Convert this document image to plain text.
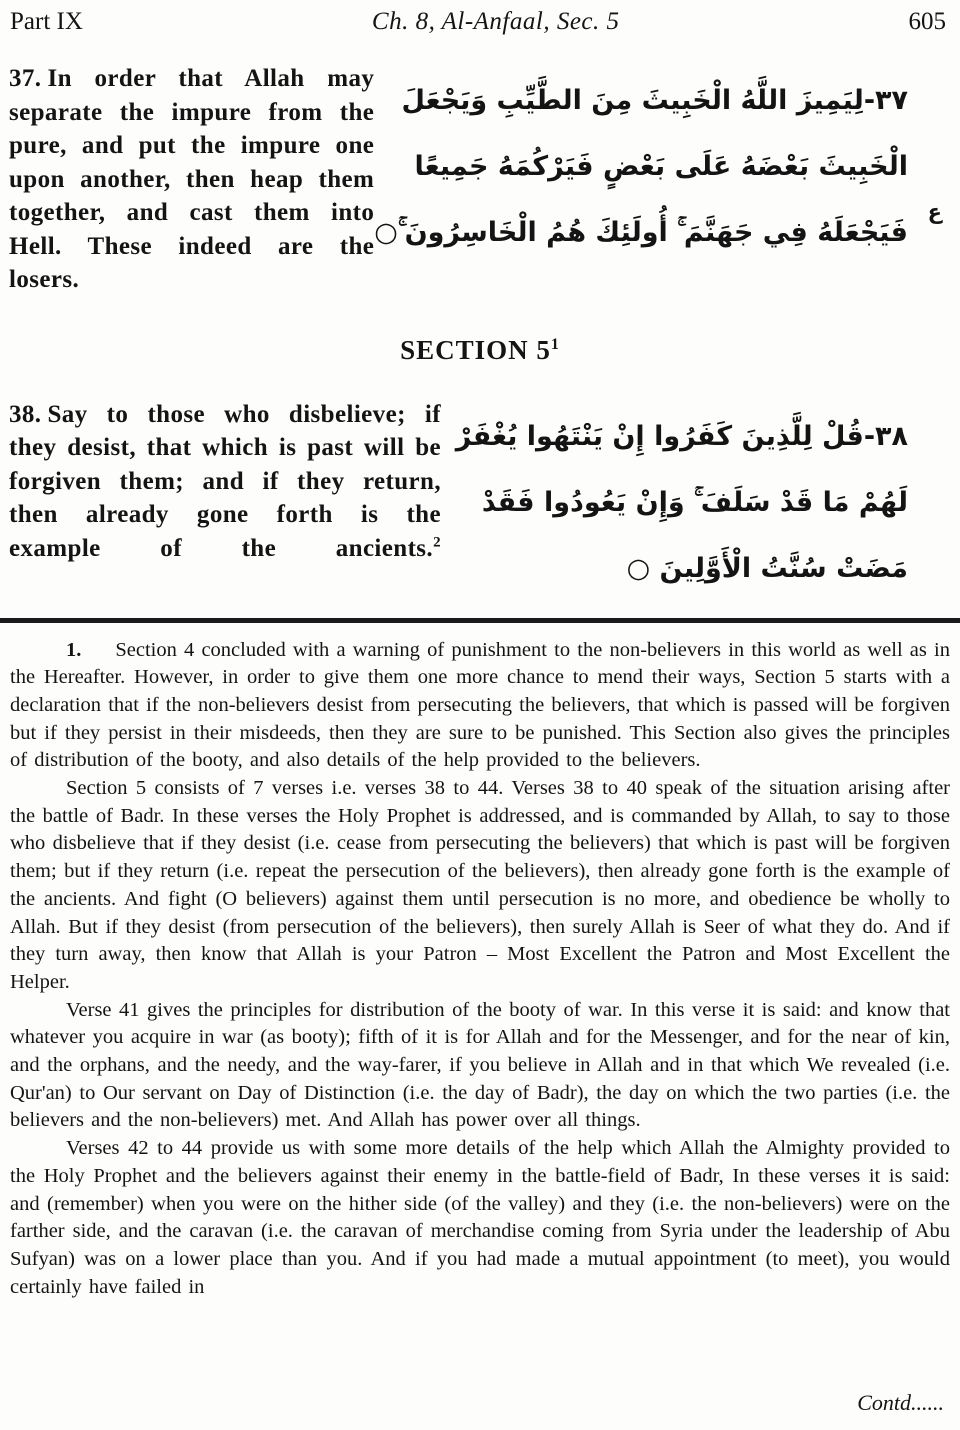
Part IX	Ch. 8, Al-Anfaal, Sec. 5	605

37. In order that Allah may separate the impure from the pure, and put the impure one upon another, then heap them together, and cast them into Hell. These indeed are the losers.

٣٧-لِيَمِيزَ اللَّهُ الْخَبِيثَ مِنَ الطَّيِّبِ وَيَجْعَلَ
الْخَبِيثَ بَعْضَهُ عَلَى بَعْضٍ فَيَرْكُمَهُ جَمِيعًا
فَيَجْعَلَهُ فِي جَهَنَّمَ ۚ أُولَئِكَ هُمُ الْخَاسِرُونَ ۚ○
ع
SECTION $5^1$

38. Say to those who disbelieve; if they desist, that which is past will be forgiven them; and if they return, then already gone forth is the example of the ancients.$^2$

٣٨-قُلْ لِلَّذِينَ كَفَرُوا إِنْ يَنْتَهُوا يُغْفَرْ
لَهُمْ مَا قَدْ سَلَفَ ۚ وَإِنْ يَعُودُوا فَقَدْ
مَضَتْ سُنَّتُ الْأَوَّلِينَ ○

1. Section 4 concluded with a warning of punishment to the non-believers in this world as well as in the Hereafter. However, in order to give them one more chance to mend their ways, Section 5 starts with a declaration that if the non-believers desist from persecuting the believers, that which is passed will be forgiven but if they persist in their misdeeds, then they are sure to be punished. This Section also gives the principles of distribution of the booty, and also details of the help provided to the believers.

Section 5 consists of 7 verses i.e. verses 38 to 44. Verses 38 to 40 speak of the situation arising after the battle of Badr. In these verses the Holy Prophet is addressed, and is commanded by Allah, to say to those who disbelieve that if they desist (i.e. cease from persecuting the believers) that which is past will be forgiven them; but if they return (i.e. repeat the persecution of the believers), then already gone forth is the example of the ancients. And fight (O believers) against them until persecution is no more, and obedience be wholly to Allah. But if they desist (from persecution of the believers), then surely Allah is Seer of what they do. And if they turn away, then know that Allah is your Patron – Most Excellent the Patron and Most Excellent the Helper.

Verse 41 gives the principles for distribution of the booty of war. In this verse it is said: and know that whatever you acquire in war (as booty); fifth of it is for Allah and for the Messenger, and for the near of kin, and the orphans, and the needy, and the way-farer, if you believe in Allah and in that which We revealed (i.e. Qur'an) to Our servant on Day of Distinction (i.e. the day of Badr), the day on which the two parties (i.e. the believers and the non-believers) met. And Allah has power over all things.

Verses 42 to 44 provide us with some more details of the help which Allah the Almighty provided to the Holy Prophet and the believers against their enemy in the battle-field of Badr, In these verses it is said: and (remember) when you were on the hither side (of the valley) and they (i.e. the non-believers) were on the farther side, and the caravan (i.e. the caravan of merchandise coming from Syria under the leadership of Abu Sufyan) was on a lower place than you. And if you had made a mutual appointment (to meet), you would certainly have failed in

Contd......
